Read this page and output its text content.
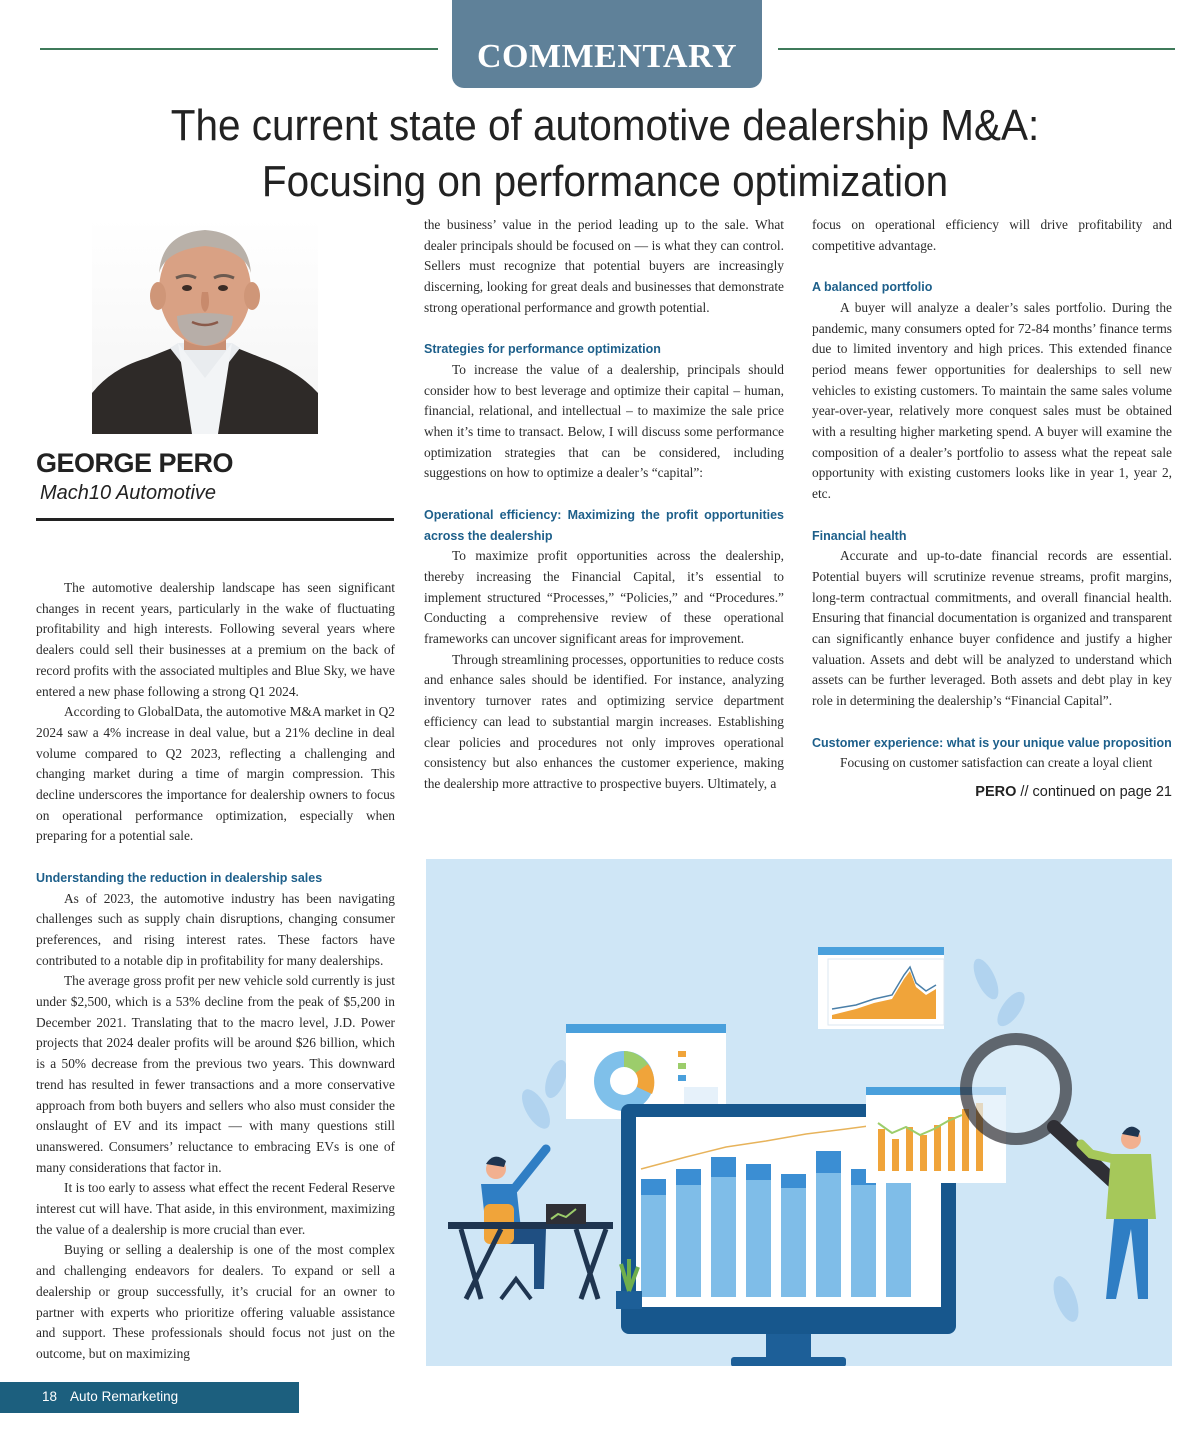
COMMENTARY
The current state of automotive dealership M&A:
Focusing on performance optimization
GEORGE PERO
Mach10 Automotive

The automotive dealership landscape has seen significant changes in recent years, particularly in the wake of fluctuating profitability and high interests. Following several years where dealers could sell their businesses at a premium on the back of record profits with the associated multiples and Blue Sky, we have entered a new phase following a strong Q1 2024.

According to GlobalData, the automotive M&A market in Q2 2024 saw a 4% increase in deal value, but a 21% decline in deal volume compared to Q2 2023, reflecting a challenging and changing market during a time of margin compression. This decline underscores the importance for dealership owners to focus on operational performance optimization, especially when preparing for a potential sale.

Understanding the reduction in dealership sales

As of 2023, the automotive industry has been navigating challenges such as supply chain disruptions, changing consumer preferences, and rising interest rates. These factors have contributed to a notable dip in profitability for many dealerships.

The average gross profit per new vehicle sold currently is just under $2,500, which is a 53% decline from the peak of $5,200 in December 2021. Translating that to the macro level, J.D. Power projects that 2024 dealer profits will be around $26 billion, which is a 50% decrease from the previous two years. This downward trend has resulted in fewer transactions and a more conservative approach from both buyers and sellers who also must consider the onslaught of EV and its impact — with many questions still unanswered. Consumers’ reluctance to embracing EVs is one of many considerations that factor in.

It is too early to assess what effect the recent Federal Reserve interest cut will have. That aside, in this environment, maximizing the value of a dealership is more crucial than ever.

Buying or selling a dealership is one of the most complex and challenging endeavors for dealers. To expand or sell a dealership or group successfully, it’s crucial for an owner to partner with experts who prioritize offering valuable assistance and support. These professionals should focus not just on the outcome, but on maximizing

the business’ value in the period leading up to the sale. What dealer principals should be focused on — is what they can control. Sellers must recognize that potential buyers are increasingly discerning, looking for great deals and businesses that demonstrate strong operational performance and growth potential.

Strategies for performance optimization

To increase the value of a dealership, principals should consider how to best leverage and optimize their capital – human, financial, relational, and intellectual – to maximize the sale price when it’s time to transact. Below, I will discuss some performance optimization strategies that can be considered, including suggestions on how to optimize a dealer’s “capital”:

Operational efficiency: Maximizing the profit opportunities across the dealership

To maximize profit opportunities across the dealership, thereby increasing the Financial Capital, it’s essential to implement structured “Processes,” “Policies,” and “Procedures.” Conducting a comprehensive review of these operational frameworks can uncover significant areas for improvement.

Through streamlining processes, opportunities to reduce costs and enhance sales should be identified. For instance, analyzing inventory turnover rates and optimizing service department efficiency can lead to substantial margin increases. Establishing clear policies and procedures not only improves operational consistency but also enhances the customer experience, making the dealership more attractive to prospective buyers. Ultimately, a

focus on operational efficiency will drive profitability and competitive advantage.

A balanced portfolio

A buyer will analyze a dealer’s sales portfolio. During the pandemic, many consumers opted for 72-84 months’ finance terms due to limited inventory and high prices. This extended finance period means fewer opportunities for dealerships to sell new vehicles to existing customers. To maintain the same sales volume year-over-year, relatively more conquest sales must be obtained with a resulting higher marketing spend. A buyer will examine the composition of a dealer’s portfolio to assess what the repeat sale opportunity with existing customers looks like in year 1, year 2, etc.

Financial health

Accurate and up-to-date financial records are essential. Potential buyers will scrutinize revenue streams, profit margins, long-term contractual commitments, and overall financial health. Ensuring that financial documentation is organized and transparent can significantly enhance buyer confidence and justify a higher valuation. Assets and debt will be analyzed to understand which assets can be further leveraged. Both assets and debt play in key role in determining the dealership’s “Financial Capital”.

Customer experience: what is your unique value proposition

Focusing on customer satisfaction can create a loyal client

PERO // continued on page 21
18 Auto Remarketing
